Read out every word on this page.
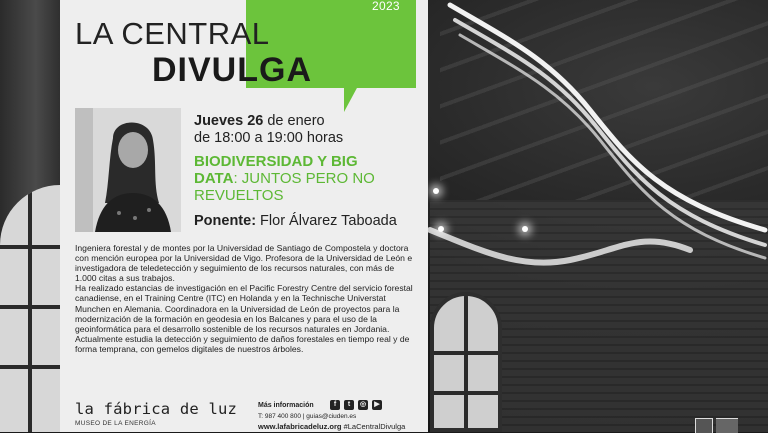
2023
LA CENTRAL
DIVULGA
Jueves 26 de enero
de 18:00 a 19:00 horas
BIODIVERSIDAD Y BIG DATA: JUNTOS PERO NO REVUELTOS
Ponente: Flor Álvarez Taboada

Ingeniera forestal y de montes por la Universidad de Santiago de Compostela y doctora con mención europea por la Universidad de Vigo. Profesora de la Universidad de León e investigadora de teledetección y seguimiento de los recursos naturales, con más de 1.000 citas a sus trabajos.

Ha realizado estancias de investigación en el Pacific Forestry Centre del servicio forestal canadiense, en el Training Centre (ITC) en Holanda y en la Technische Universtat Munchen en Alemania. Coordinadora en la Universidad de León de proyectos para la modernización de la formación en geodesia en los Balcanes y para el uso de la geoinformática para el desarrollo sostenible de los recursos naturales en Jordania.

Actualmente estudia la detección y seguimiento de daños forestales en tiempo real y de forma temprana, con gemelos digitales de nuestros árboles.

la fábrica de luz
MUSEO DE LA ENERGÍA
Más información	f	t	◎	▶
T: 987 400 800 | guias@ciuden.es
www.lafabricadeluz.org #LaCentralDivulga
